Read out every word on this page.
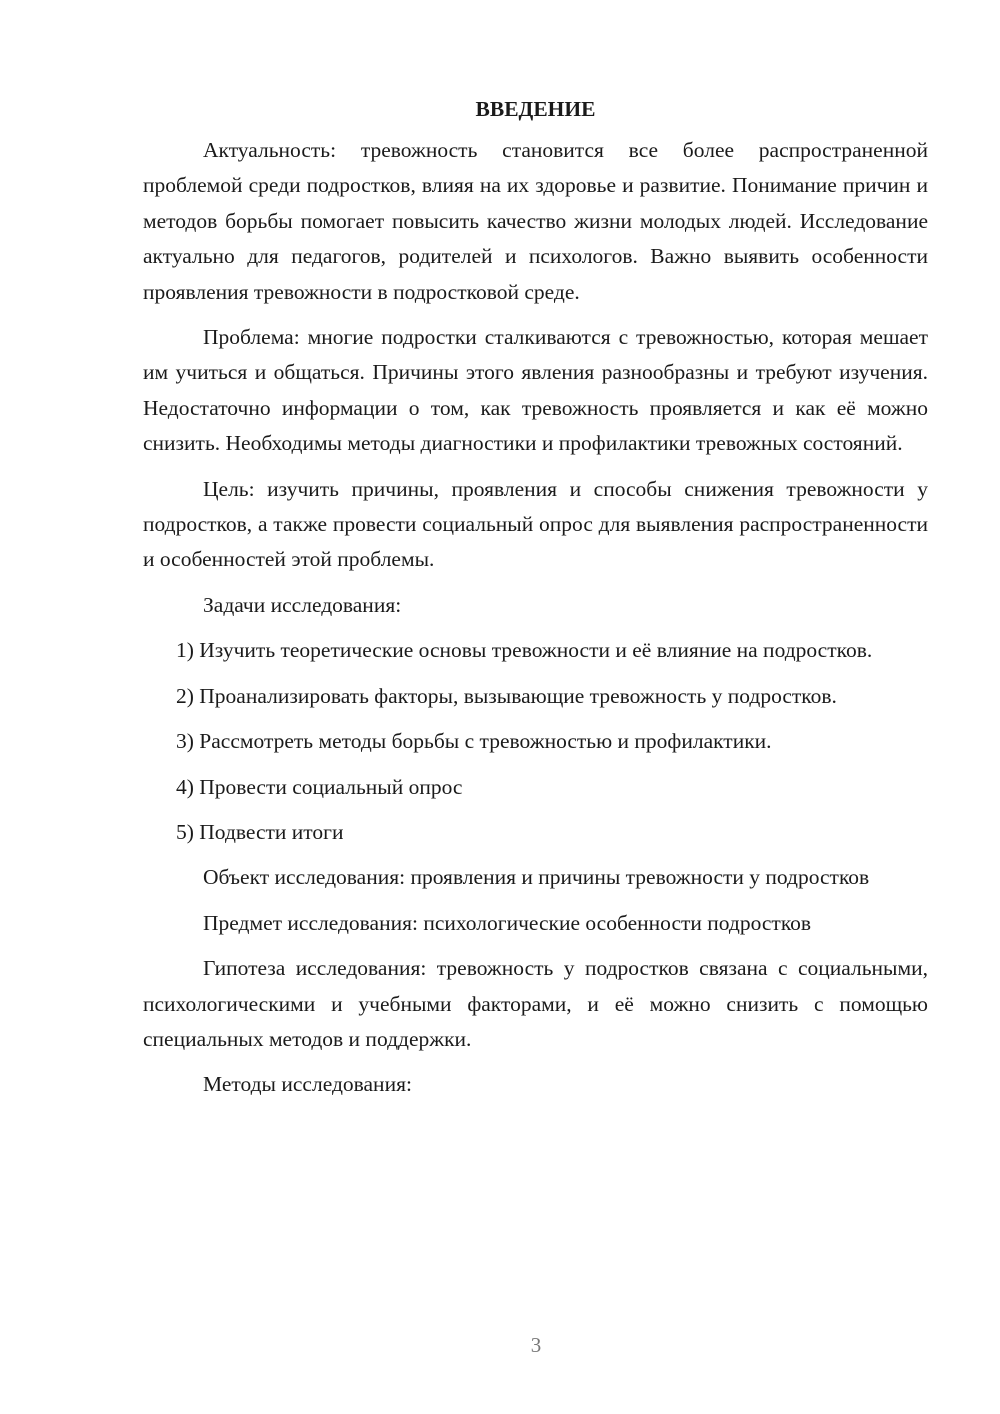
ВВЕДЕНИЕ

Актуальность: тревожность становится все более распространенной проблемой среди подростков, влияя на их здоровье и развитие. Понимание причин и методов борьбы помогает повысить качество жизни молодых людей. Исследование актуально для педагогов, родителей и психологов. Важно выявить особенности проявления тревожности в подростковой среде.

Проблема: многие подростки сталкиваются с тревожностью, которая мешает им учиться и общаться. Причины этого явления разнообразны и требуют изучения. Недостаточно информации о том, как тревожность проявляется и как её можно снизить. Необходимы методы диагностики и профилактики тревожных состояний.

Цель: изучить причины, проявления и способы снижения тревожности у подростков, а также провести социальный опрос для выявления распространенности и особенностей этой проблемы.

Задачи исследования:

1) Изучить теоретические основы тревожности и её влияние на подростков.

2) Проанализировать факторы, вызывающие тревожность у подростков.

3) Рассмотреть методы борьбы с тревожностью и профилактики.

4) Провести социальный опрос

5) Подвести итоги

Объект исследования: проявления и причины тревожности у подростков

Предмет исследования: психологические особенности подростков

Гипотеза исследования: тревожность у подростков связана с социальными, психологическими и учебными факторами, и её можно снизить с помощью специальных методов и поддержки.

Методы исследования:

3
